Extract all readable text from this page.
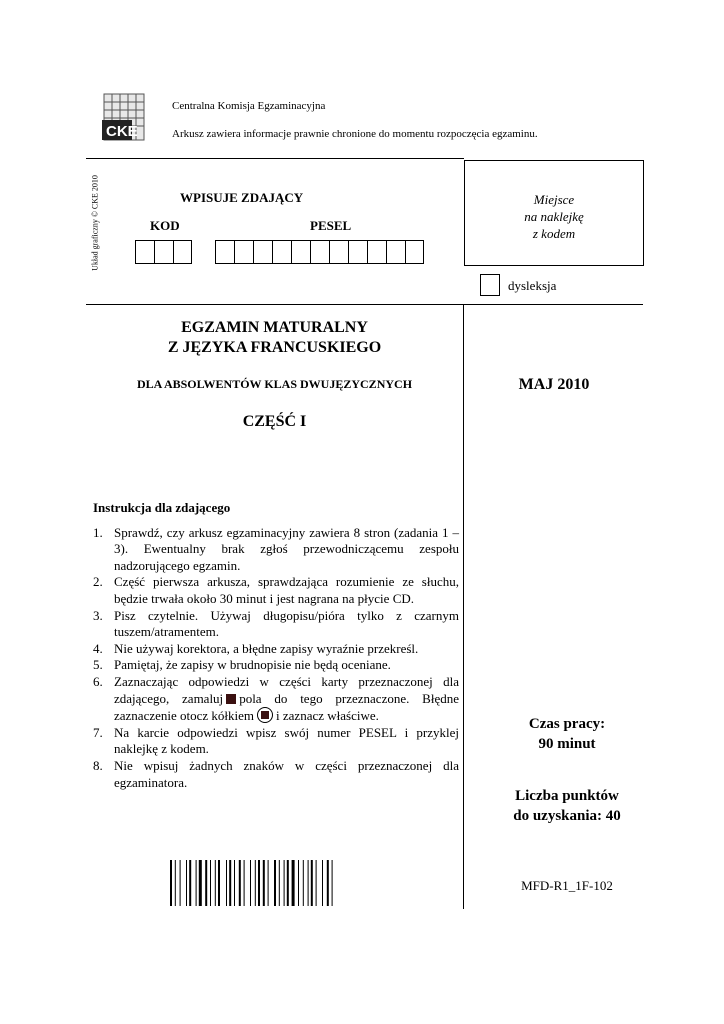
CKE
Centralna Komisja Egzaminacyjna
Arkusz zawiera informacje prawnie chronione do momentu rozpoczęcia egzaminu.
Układ graficzny © CKE 2010	WPISUJE ZDAJĄCY
KOD	PESEL
Miejsce
na naklejkę
z kodem
dysleksja
EGZAMIN MATURALNY
Z JĘZYKA FRANCUSKIEGO
DLA ABSOLWENTÓW KLAS DWUJĘZYCZNYCH
CZĘŚĆ I
MAJ 2010
Instrukcja dla zdającego
1. Sprawdź, czy arkusz egzaminacyjny zawiera 8 stron (zadania 1 – 3). Ewentualny brak zgłoś przewodniczącemu zespołu nadzorującego egzamin.
2. Część pierwsza arkusza, sprawdzająca rozumienie ze słuchu, będzie trwała około 30 minut i jest nagrana na płycie CD.
3. Pisz czytelnie. Używaj długopisu/pióra tylko z czarnym tuszem/atramentem.
4. Nie używaj korektora, a błędne zapisy wyraźnie przekreśl.
5. Pamiętaj, że zapisy w brudnopisie nie będą oceniane.
6. Zaznaczając odpowiedzi w części karty przeznaczonej dla zdającego, zamaluj pola do tego przeznaczone. Błędne zaznaczenie otocz kółkiem i zaznacz właściwe.
7. Na karcie odpowiedzi wpisz swój numer PESEL i przyklej naklejkę z kodem.
8. Nie wpisuj żadnych znaków w części przeznaczonej dla egzaminatora.
Czas pracy:
90 minut
Liczba punktów
do uzyskania: 40
MFD-R1_1F-102
